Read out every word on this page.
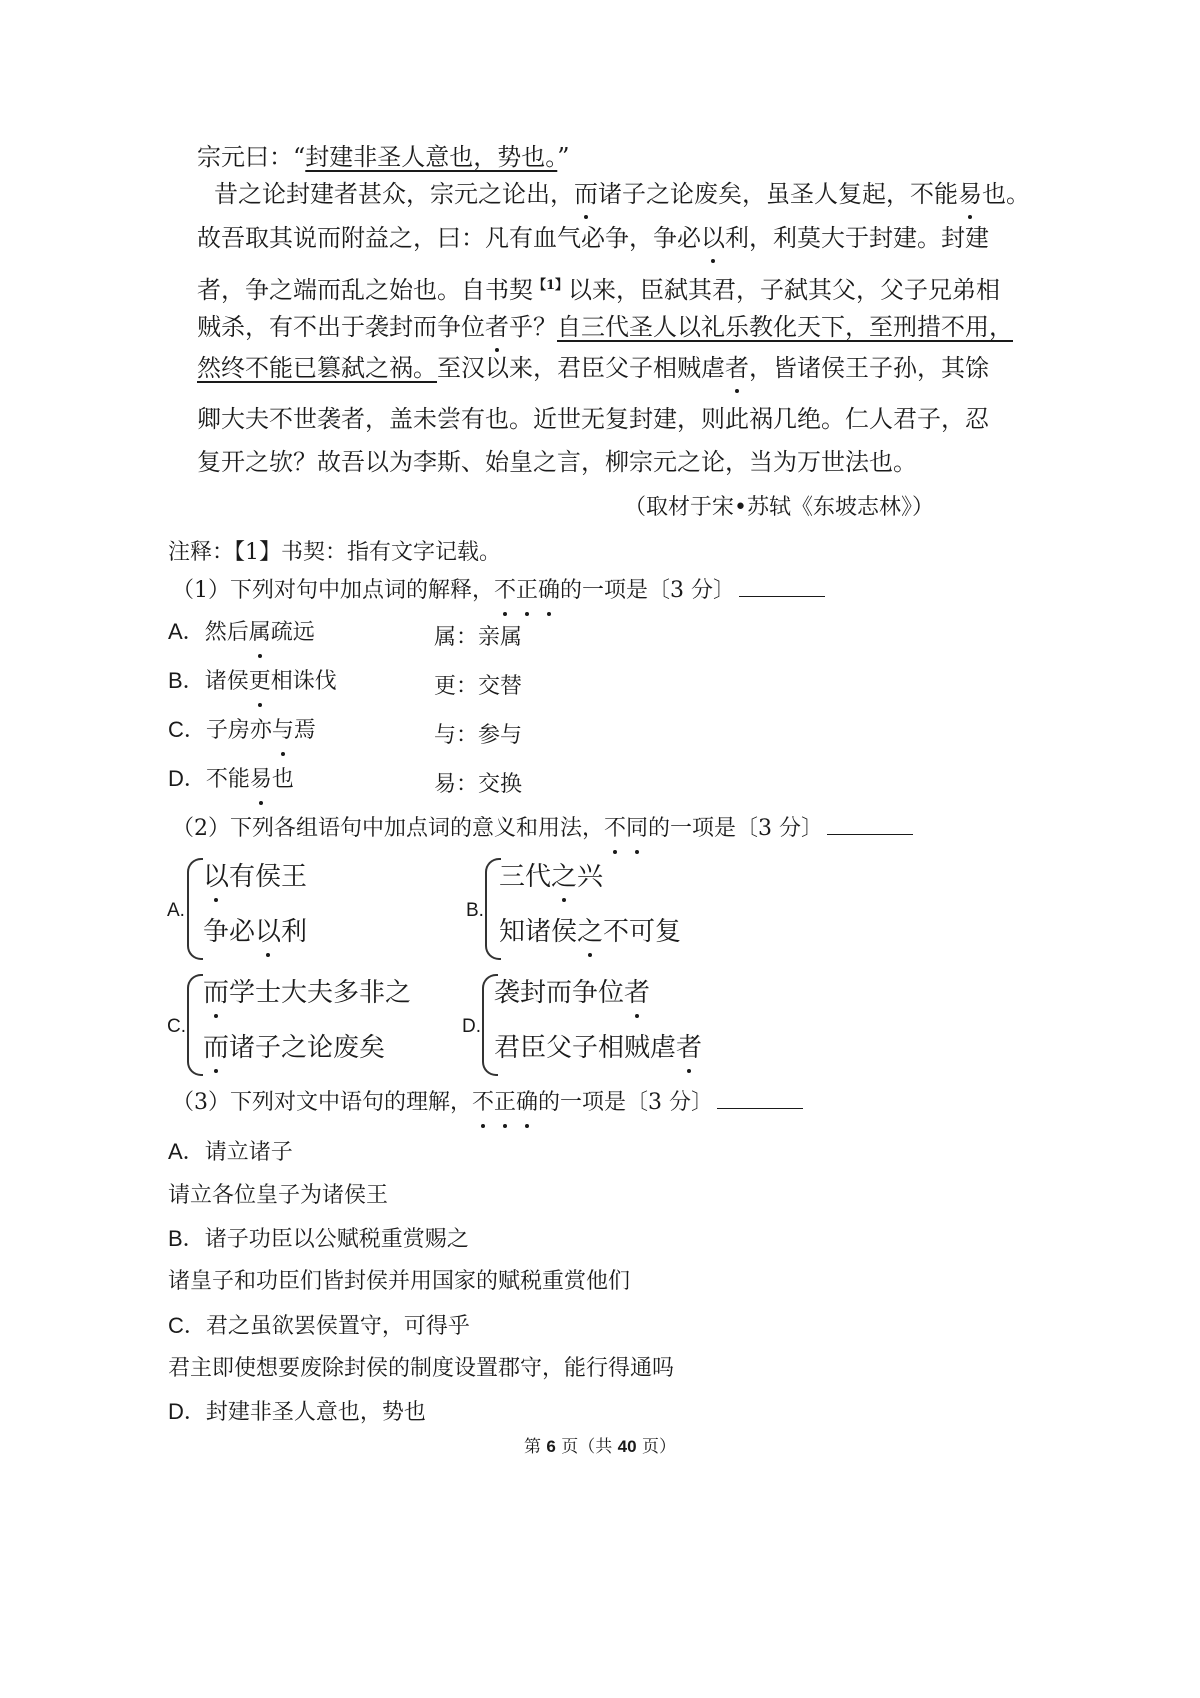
宗元曰：“封建非圣人意也，势也。”
昔之论封建者甚众，宗元之论出，而诸子之论废矣，虽圣人复起，不能易也。
故吾取其说而附益之，曰：凡有血气必争，争必以利，利莫大于封建。封建
者，争之端而乱之始也。自书契$^{【1】}$以来，臣弑其君，子弑其父，父子兄弟相
贼杀，有不出于袭封而争位者乎？自三代圣人以礼乐教化天下，至刑措不用，
然终不能已篡弑之祸。至汉以来，君臣父子相贼虐者，皆诸侯王子孙，其馀
卿大夫不世袭者，盖未尝有也。近世无复封建，则此祸几绝。仁人君子，忍
复开之欤？故吾以为李斯、始皇之言，柳宗元之论，当为万世法也。
（取材于宋•苏轼《东坡志林》）
注释：【1】书契：指有文字记载。
（1）下列对句中加点词的解释，不正确的一项是〔3 分〕
A．然后属疏远	属：亲属
B．诸侯更相诛伐	更：交替
C．子房亦与焉	与：参与
D．不能易也	易：交换
（2）下列各组语句中加点词的意义和用法，不同的一项是〔3 分〕
A.
以有侯王
争必以利
B.
三代之兴
知诸侯之不可复
C.
而学士大夫多非之
而诸子之论废矣
D.
袭封而争位者
君臣父子相贼虐者
（3）下列对文中语句的理解，不正确的一项是〔3 分〕
A．请立诸子
请立各位皇子为诸侯王
B．诸子功臣以公赋税重赏赐之
诸皇子和功臣们皆封侯并用国家的赋税重赏他们
C．君之虽欲罢侯置守，可得乎
君主即使想要废除封侯的制度设置郡守，能行得通吗
D．封建非圣人意也，势也
第 6 页（共 40 页）
